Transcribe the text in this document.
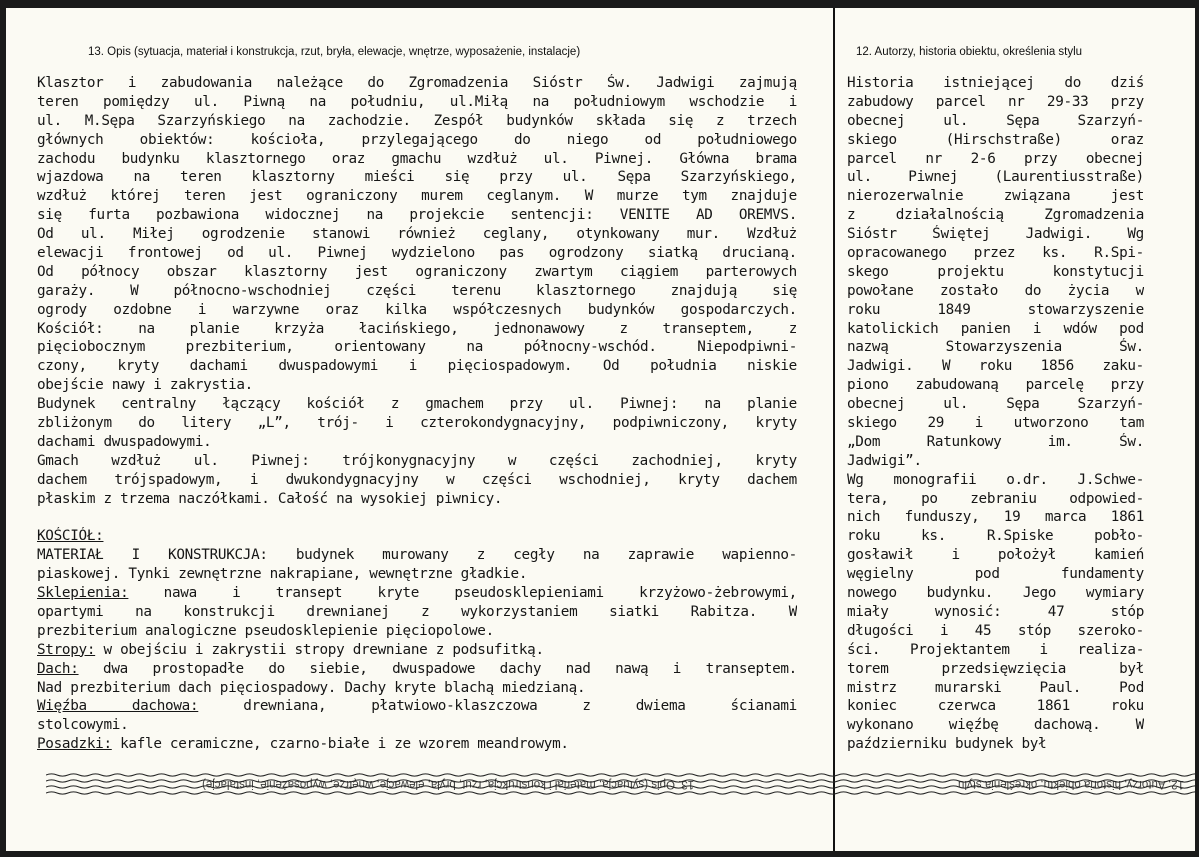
13. Opis (sytuacja, materiał i konstrukcja, rzut, bryła, elewacje, wnętrze, wyposażenie, instalacje)
Klasztor i zabudowania należące do Zgromadzenia Sióstr Św. Jadwigi zajmują
teren pomiędzy ul. Piwną na południu, ul.Miłą na południowym wschodzie i
ul. M.Sępa Szarzyńskiego na zachodzie. Zespół budynków składa się z trzech
głównych obiektów: kościoła, przylegającego do niego od południowego
zachodu budynku klasztornego oraz gmachu wzdłuż ul. Piwnej. Główna brama
wjazdowa na teren klasztorny mieści się przy ul. Sępa Szarzyńskiego,
wzdłuż której teren jest ograniczony murem ceglanym. W murze tym znajduje
się furta pozbawiona widocznej na projekcie sentencji: VENITE AD OREMVS.
Od ul. Miłej ogrodzenie stanowi również ceglany, otynkowany mur. Wzdłuż
elewacji frontowej od ul. Piwnej wydzielono pas ogrodzony siatką drucianą.
Od północy obszar klasztorny jest ograniczony zwartym ciągiem parterowych
garaży. W północno-wschodniej części terenu klasztornego znajdują się
ogrody ozdobne i warzywne oraz kilka współczesnych budynków gospodarczych.
Kościół: na planie krzyża łacińskiego, jednonawowy z transeptem, z
pięciobocznym prezbiterium, orientowany na północny-wschód. Niepodpiwni-
czony, kryty dachami dwuspadowymi i pięciospadowym. Od południa niskie
obejście nawy i zakrystia.
Budynek centralny łączący kościół z gmachem przy ul. Piwnej: na planie
zbliżonym do litery „L”, trój- i czterokondygnacyjny, podpiwniczony, kryty
dachami dwuspadowymi.
Gmach wzdłuż ul. Piwnej: trójkonygnacyjny w części zachodniej, kryty
dachem trójspadowym, i dwukondygnacyjny w części wschodniej, kryty dachem
płaskim z trzema naczółkami. Całość na wysokiej piwnicy.
KOŚCIÓŁ:
MATERIAŁ I KONSTRUKCJA: budynek murowany z cegły na zaprawie wapienno-
piaskowej. Tynki zewnętrzne nakrapiane, wewnętrzne gładkie.
Sklepienia: nawa i transept kryte pseudosklepieniami krzyżowo-żebrowymi,
opartymi na konstrukcji drewnianej z wykorzystaniem siatki Rabitza. W
prezbiterium analogiczne pseudosklepienie pięciopolowe.
Stropy: w obejściu i zakrystii stropy drewniane z podsufitką.
Dach: dwa prostopadłe do siebie, dwuspadowe dachy nad nawą i transeptem.
Nad prezbiterium dach pięciospadowy. Dachy kryte blachą miedzianą.
Więźba dachowa: drewniana, płatwiowo-klaszczowa z dwiema ścianami
stolcowymi.
Posadzki: kafle ceramiczne, czarno-białe i ze wzorem meandrowym.
12. Autorzy, historia obiektu, określenia stylu
Historia istniejącej do dziś
zabudowy parcel nr 29-33 przy
obecnej ul. Sępa Szarzyń-
skiego (Hirschstraße) oraz
parcel nr 2-6 przy obecnej
ul. Piwnej (Laurentiusstraße)
nierozerwalnie związana jest
z działalnością Zgromadzenia
Sióstr Świętej Jadwigi. Wg
opracowanego przez ks. R.Spi-
skego projektu konstytucji
powołane zostało do życia w
roku 1849 stowarzyszenie
katolickich panien i wdów pod
nazwą Stowarzyszenia Św.
Jadwigi. W roku 1856 zaku-
piono zabudowaną parcelę przy
obecnej ul. Sępa Szarzyń-
skiego 29 i utworzono tam
„Dom Ratunkowy im. Św.
Jadwigi”.
Wg monografii o.dr. J.Schwe-
tera, po zebraniu odpowied-
nich funduszy, 19 marca 1861
roku ks. R.Spiske pobło-
gosławił i położył kamień
węgielny pod fundamenty
nowego budynku. Jego wymiary
miały wynosić: 47 stóp
długości i 45 stóp szeroko-
ści. Projektantem i realiza-
torem przedsięwzięcia był
mistrz murarski Paul. Pod
koniec czerwca 1861 roku
wykonano więźbę dachową. W
październiku budynek był
13. Opis (sytuacja, materiał i konstrukcja, rzut, bryła, elewacje, wnętrze, wyposażenie, instalacje)	12. Autorzy, historia obiektu, określenia stylu
